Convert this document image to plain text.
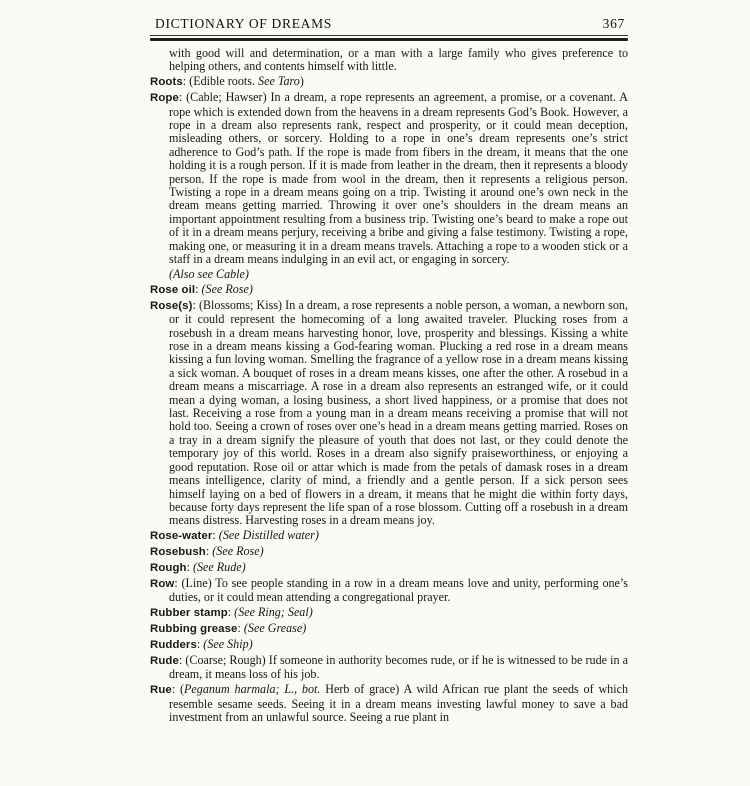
DICTIONARY OF DREAMS	367

with good will and determination, or a man with a large family who gives preference to helping others, and contents himself with little.

Roots: (Edible roots. See Taro)

Rope: (Cable; Hawser) In a dream, a rope represents an agreement, a promise, or a covenant. A rope which is extended down from the heavens in a dream represents God’s Book. However, a rope in a dream also represents rank, respect and prosperity, or it could mean deception, misleading others, or sorcery. Holding to a rope in one’s dream represents one’s strict adherence to God’s path. If the rope is made from fibers in the dream, it means that the one holding it is a rough person. If it is made from leather in the dream, then it represents a bloody person. If the rope is made from wool in the dream, then it represents a religious person. Twisting a rope in a dream means going on a trip. Twisting it around one’s own neck in the dream means getting married. Throwing it over one’s shoulders in the dream means an important appointment resulting from a business trip. Twisting one’s beard to make a rope out of it in a dream means perjury, receiving a bribe and giving a false testimony. Twisting a rope, making one, or measuring it in a dream means travels. Attaching a rope to a wooden stick or a staff in a dream means indulging in an evil act, or engaging in sorcery.

(Also see Cable)

Rose oil: (See Rose)

Rose(s): (Blossoms; Kiss) In a dream, a rose represents a noble person, a woman, a newborn son, or it could represent the homecoming of a long awaited traveler. Plucking roses from a rosebush in a dream means harvesting honor, love, prosperity and blessings. Kissing a white rose in a dream means kissing a God-fearing woman. Plucking a red rose in a dream means kissing a fun loving woman. Smelling the fragrance of a yellow rose in a dream means kissing a sick woman. A bouquet of roses in a dream means kisses, one after the other. A rosebud in a dream means a miscarriage. A rose in a dream also represents an estranged wife, or it could mean a dying woman, a losing business, a short lived happiness, or a promise that does not last. Receiving a rose from a young man in a dream means receiving a promise that will not hold too. Seeing a crown of roses over one’s head in a dream means getting married. Roses on a tray in a dream signify the pleasure of youth that does not last, or they could denote the temporary joy of this world. Roses in a dream also signify praiseworthiness, or enjoying a good reputation. Rose oil or attar which is made from the petals of damask roses in a dream means intelligence, clarity of mind, a friendly and a gentle person. If a sick person sees himself laying on a bed of flowers in a dream, it means that he might die within forty days, because forty days represent the life span of a rose blossom. Cutting off a rosebush in a dream means distress. Harvesting roses in a dream means joy.

Rose-water: (See Distilled water)

Rosebush: (See Rose)

Rough: (See Rude)

Row: (Line) To see people standing in a row in a dream means love and unity, performing one’s duties, or it could mean attending a congregational prayer.

Rubber stamp: (See Ring; Seal)

Rubbing grease: (See Grease)

Rudders: (See Ship)

Rude: (Coarse; Rough) If someone in authority becomes rude, or if he is witnessed to be rude in a dream, it means loss of his job.

Rue: (Peganum harmala; L., bot. Herb of grace) A wild African rue plant the seeds of which resemble sesame seeds. Seeing it in a dream means investing lawful money to save a bad investment from an unlawful source. Seeing a rue plant in
